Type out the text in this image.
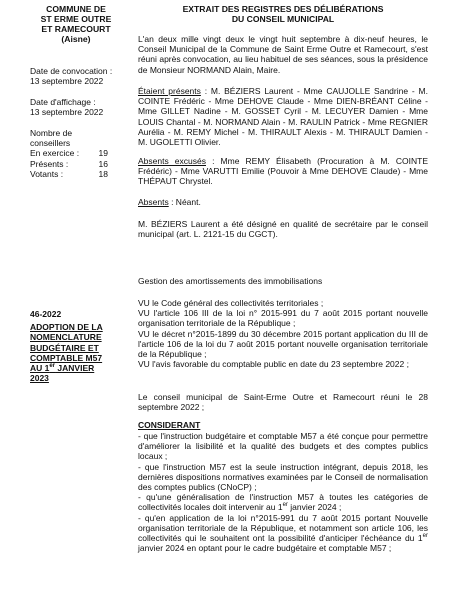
COMMUNE DE
ST ERME OUTRE
ET RAMECOURT
(Aisne)
Date de convocation :
13 septembre 2022
Date d'affichage :
13 septembre 2022
Nombre de conseillers
En exercice :	19
Présents :	16
Votants :	18
46-2022
ADOPTION DE LA
NOMENCLATURE
BUDGÉTAIRE ET
COMPTABLE M57
AU 1er JANVIER
2023
EXTRAIT DES REGISTRES DES DÉLIBÉRATIONS
DU CONSEIL MUNICIPAL
L'an deux mille vingt deux le vingt huit septembre à dix-neuf heures, le Conseil Municipal de la Commune de Saint Erme Outre et Ramecourt, s'est réuni après convocation, au lieu habituel de ses séances, sous la présidence de Monsieur NORMAND Alain, Maire.
Étaient présents : M. BÉZIERS Laurent - Mme CAUJOLLE Sandrine - M. COINTE Frédéric - Mme DEHOVE Claude - Mme DIEN-BRÉANT Céline - Mme GILLET Nadine - M. GOSSET Cyril - M. LECUYER Damien - Mme LOUIS Chantal - M. NORMAND Alain - M. RAULIN Patrick - Mme REGNIER Aurélia - M. REMY Michel - M. THIRAULT Alexis - M. THIRAULT Damien - M. UGOLETTI Olivier.
Absents excusés : Mme REMY Élisabeth (Procuration à M. COINTE Frédéric) - Mme VARUTTI Emilie (Pouvoir à Mme DEHOVE Claude) - Mme THÉPAUT Chrystel.
Absents : Néant.
M. BÉZIERS Laurent a été désigné en qualité de secrétaire par le conseil municipal (art. L. 2121-15 du CGCT).
Gestion des amortissements des immobilisations
VU le Code général des collectivités territoriales ;
VU l'article 106 III de la loi n° 2015-991 du 7 août 2015 portant nouvelle organisation territoriale de la République ;
VU le décret n°2015-1899 du 30 décembre 2015 portant application du III de l'article 106 de la loi du 7 août 2015 portant nouvelle organisation territoriale de la République ;
VU l'avis favorable du comptable public en date du 23 septembre 2022 ;
Le conseil municipal de Saint-Erme Outre et Ramecourt réuni le 28 septembre 2022 ;
CONSIDERANT
- que l'instruction budgétaire et comptable M57 a été conçue pour permettre d'améliorer la lisibilité et la qualité des budgets et des comptes publics locaux ;
- que l'instruction M57 est la seule instruction intégrant, depuis 2018, les dernières dispositions normatives examinées par le Conseil de normalisation des comptes publics (CNoCP) ;
- qu'une généralisation de l'instruction M57 à toutes les catégories de collectivités locales doit intervenir au 1er janvier 2024 ;
- qu'en application de la loi n°2015-991 du 7 août 2015 portant Nouvelle organisation territoriale de la République, et notamment son article 106, les collectivités qui le souhaitent ont la possibilité d'anticiper l'échéance du 1er janvier 2024 en optant pour le cadre budgétaire et comptable M57 ;
